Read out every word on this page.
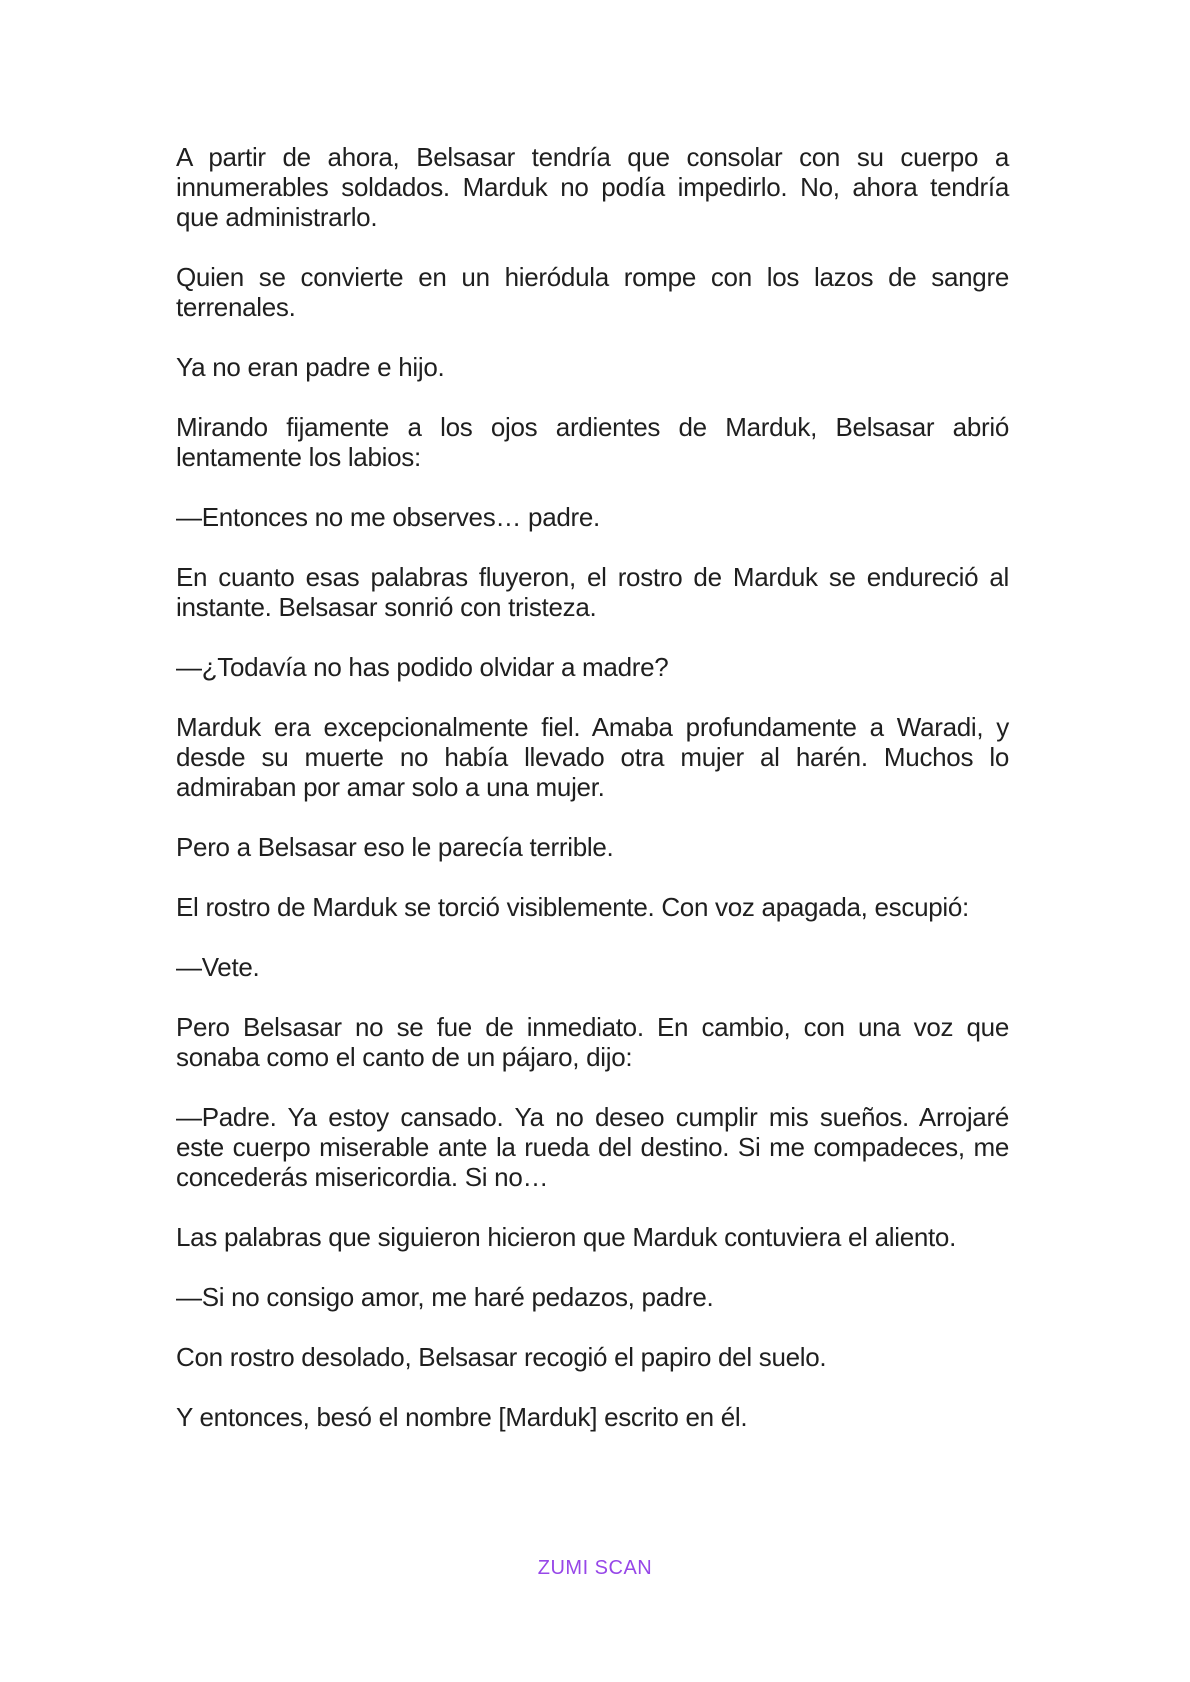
A partir de ahora, Belsasar tendría que consolar con su cuerpo a innumerables soldados. Marduk no podía impedirlo. No, ahora tendría que administrarlo.

Quien se convierte en un hieródula rompe con los lazos de sangre terrenales.

Ya no eran padre e hijo.

Mirando fijamente a los ojos ardientes de Marduk, Belsasar abrió lentamente los labios:

—Entonces no me observes… padre.

En cuanto esas palabras fluyeron, el rostro de Marduk se endureció al instante. Belsasar sonrió con tristeza.

—¿Todavía no has podido olvidar a madre?

Marduk era excepcionalmente fiel. Amaba profundamente a Waradi, y desde su muerte no había llevado otra mujer al harén. Muchos lo admiraban por amar solo a una mujer.

Pero a Belsasar eso le parecía terrible.

El rostro de Marduk se torció visiblemente. Con voz apagada, escupió:

—Vete.

Pero Belsasar no se fue de inmediato. En cambio, con una voz que sonaba como el canto de un pájaro, dijo:

—Padre. Ya estoy cansado. Ya no deseo cumplir mis sueños. Arrojaré este cuerpo miserable ante la rueda del destino. Si me compadeces, me concederás misericordia. Si no…

Las palabras que siguieron hicieron que Marduk contuviera el aliento.

—Si no consigo amor, me haré pedazos, padre.

Con rostro desolado, Belsasar recogió el papiro del suelo.

Y entonces, besó el nombre [Marduk] escrito en él.

ZUMI SCAN
